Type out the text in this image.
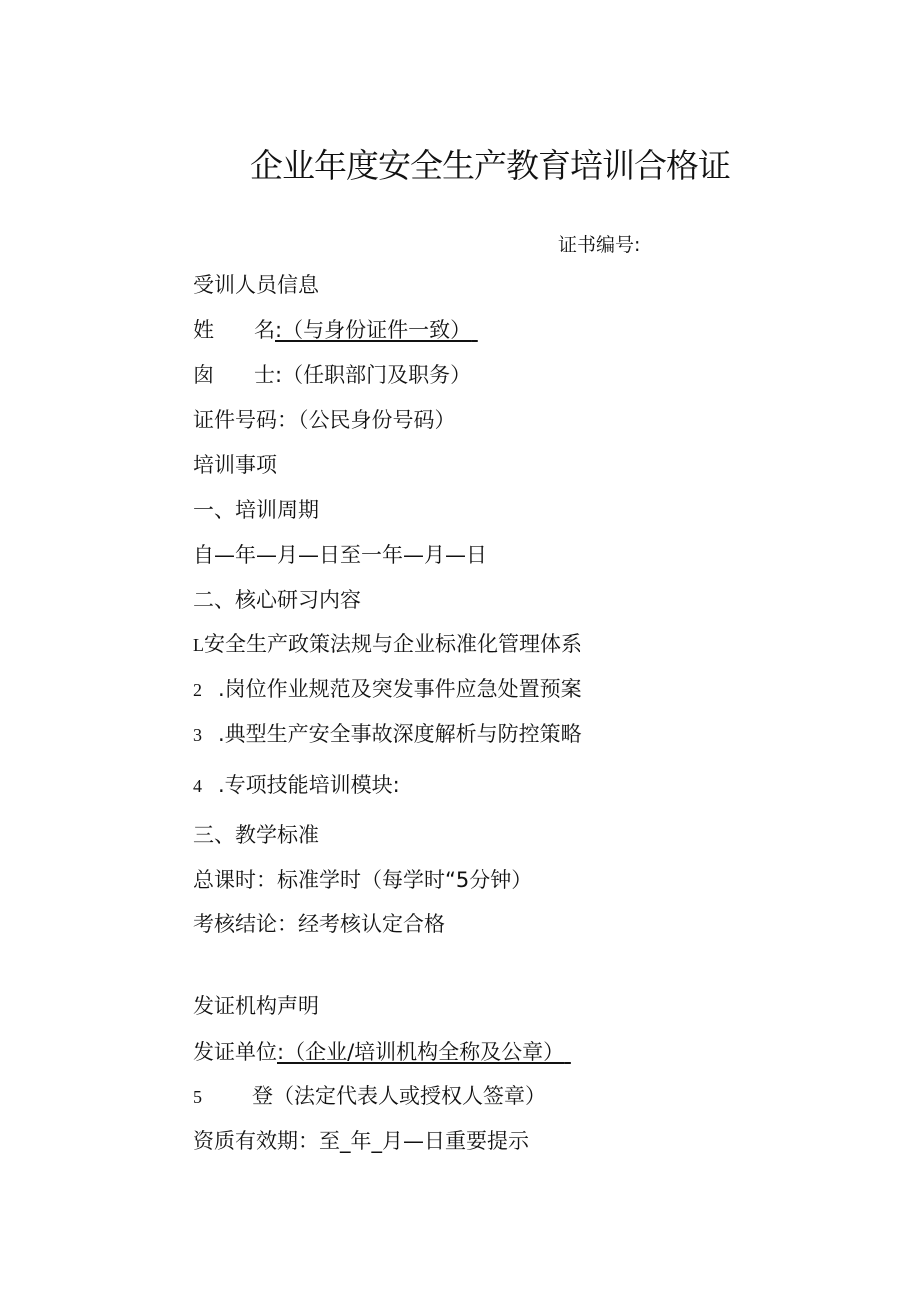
企业年度安全生产教育培训合格证
证书编号:
受训人员信息
姓 名:（与身份证件一致）
囱 士:（任职部门及职务）
证件号码：（公民身份号码）
培训事项
一、培训周期
自—年—月—日至一年—月—日
二、核心研习内容
L安全生产政策法规与企业标准化管理体系
2 .岗位作业规范及突发事件应急处置预案
3 .典型生产安全事故深度解析与防控策略
4 .专项技能培训模块:
三、教学标准
总课时：标准学时（每学时“5分钟）
考核结论：经考核认定合格
发证机构声明
发证单位:（企业/培训机构全称及公章）
5 登（法定代表人或授权人签章）
资质有效期：至_年_月—日重要提示
